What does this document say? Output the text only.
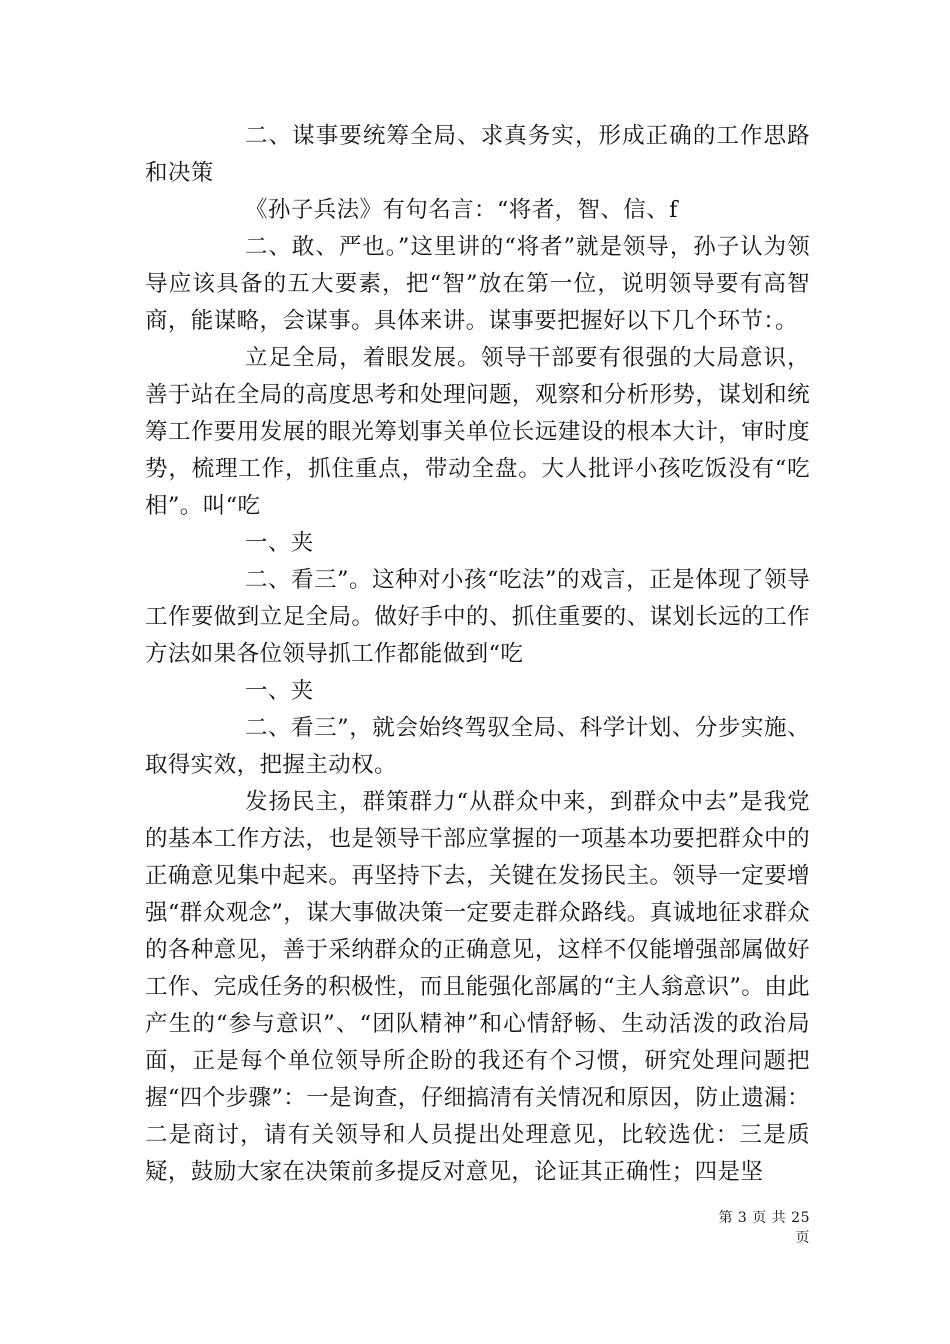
二、谋事要统筹全局、求真务实，形成正确的工作思路和决策

《孙子兵法》有句名言：“将者，智、信、f

二、敢、严也。”这里讲的“将者”就是领导，孙子认为领导应该具备的五大要素，把“智”放在第一位，说明领导要有高智商，能谋略，会谋事。具体来讲。谋事要把握好以下几个环节：。

立足全局，着眼发展。领导干部要有很强的大局意识，善于站在全局的高度思考和处理问题，观察和分析形势，谋划和统筹工作要用发展的眼光筹划事关单位长远建设的根本大计，审时度势，梳理工作，抓住重点，带动全盘。大人批评小孩吃饭没有“吃相”。叫“吃

一、夹

二、看三”。这种对小孩“吃法”的戏言，正是体现了领导工作要做到立足全局。做好手中的、抓住重要的、谋划长远的工作方法如果各位领导抓工作都能做到“吃

一、夹

二、看三”，就会始终驾驭全局、科学计划、分步实施、取得实效，把握主动权。

发扬民主，群策群力“从群众中来，到群众中去”是我党的基本工作方法，也是领导干部应掌握的一项基本功要把群众中的正确意见集中起来。再坚持下去，关键在发扬民主。领导一定要增强“群众观念”，谋大事做决策一定要走群众路线。真诚地征求群众的各种意见，善于采纳群众的正确意见，这样不仅能增强部属做好工作、完成任务的积极性，而且能强化部属的“主人翁意识”。由此产生的“参与意识”、“团队精神”和心情舒畅、生动活泼的政治局面，正是每个单位领导所企盼的我还有个习惯，研究处理问题把握“四个步骤”：一是询查，仔细搞清有关情况和原因，防止遗漏：二是商讨，请有关领导和人员提出处理意见，比较选优：三是质疑，鼓励大家在决策前多提反对意见，论证其正确性；四是坚

第 3 页 共 25 页
